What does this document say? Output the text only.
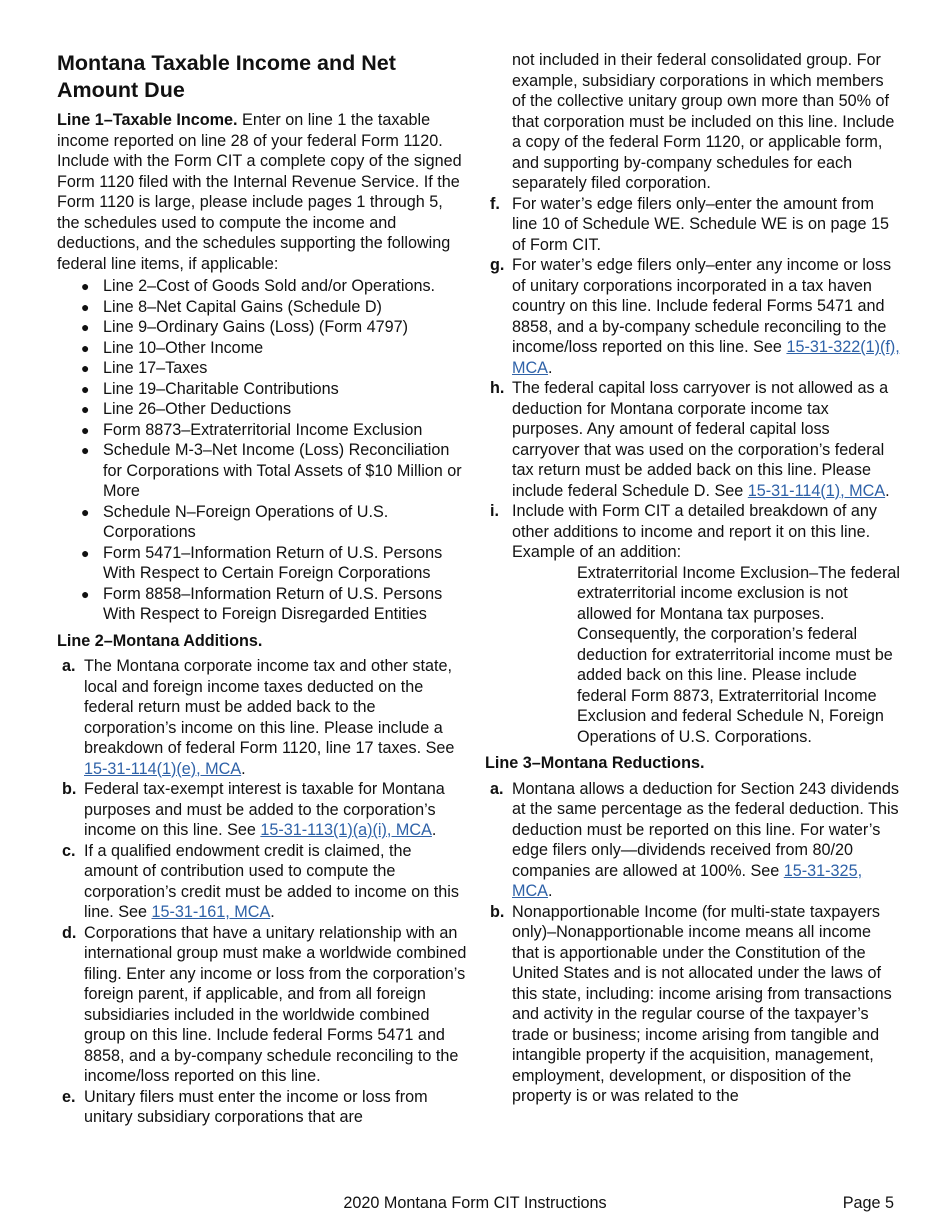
Montana Taxable Income and Net Amount Due

Line 1–Taxable Income. Enter on line 1 the taxable income reported on line 28 of your federal Form 1120. Include with the Form CIT a complete copy of the signed Form 1120 filed with the Internal Revenue Service. If the Form 1120 is large, please include pages 1 through 5, the schedules used to compute the income and deductions, and the schedules supporting the following federal line items, if applicable:

● Line 2–Cost of Goods Sold and/or Operations.
● Line 8–Net Capital Gains (Schedule D)
● Line 9–Ordinary Gains (Loss) (Form 4797)
● Line 10–Other Income
● Line 17–Taxes
● Line 19–Charitable Contributions
● Line 26–Other Deductions
● Form 8873–Extraterritorial Income Exclusion
● Schedule M-3–Net Income (Loss) Reconciliation for Corporations with Total Assets of $10 Million or More
● Schedule N–Foreign Operations of U.S. Corporations
● Form 5471–Information Return of U.S. Persons With Respect to Certain Foreign Corporations
● Form 8858–Information Return of U.S. Persons With Respect to Foreign Disregarded Entities

Line 2–Montana Additions.

a. The Montana corporate income tax and other state, local and foreign income taxes deducted on the federal return must be added back to the corporation’s income on this line. Please include a breakdown of federal Form 1120, line 17 taxes. See 15-31-114(1)(e), MCA.
b. Federal tax-exempt interest is taxable for Montana purposes and must be added to the corporation’s income on this line. See 15-31-113(1)(a)(i), MCA.
c. If a qualified endowment credit is claimed, the amount of contribution used to compute the corporation’s credit must be added to income on this line. See 15-31-161, MCA.
d. Corporations that have a unitary relationship with an international group must make a worldwide combined filing. Enter any income or loss from the corporation’s foreign parent, if applicable, and from all foreign subsidiaries included in the worldwide combined group on this line. Include federal Forms 5471 and 8858, and a by-company schedule reconciling to the income/loss reported on this line.
e. Unitary filers must enter the income or loss from unitary subsidiary corporations that are

not included in their federal consolidated group. For example, subsidiary corporations in which members of the collective unitary group own more than 50% of that corporation must be included on this line. Include a copy of the federal Form 1120, or applicable form, and supporting by-company schedules for each separately filed corporation.

f. For water’s edge filers only–enter the amount from line 10 of Schedule WE. Schedule WE is on page 15 of Form CIT.
g. For water’s edge filers only–enter any income or loss of unitary corporations incorporated in a tax haven country on this line. Include federal Forms 5471 and 8858, and a by-company schedule reconciling to the income/loss reported on this line. See 15-31-322(1)(f), MCA.
h. The federal capital loss carryover is not allowed as a deduction for Montana corporate income tax purposes. Any amount of federal capital loss carryover that was used on the corporation’s federal tax return must be added back on this line. Please include federal Schedule D. See 15-31-114(1), MCA.
i. Include with Form CIT a detailed breakdown of any other additions to income and report it on this line.

Example of an addition:

Extraterritorial Income Exclusion–The federal extraterritorial income exclusion is not allowed for Montana tax purposes. Consequently, the corporation’s federal deduction for extraterritorial income must be added back on this line. Please include federal Form 8873, Extraterritorial Income Exclusion and federal Schedule N, Foreign Operations of U.S. Corporations.

Line 3–Montana Reductions.

a. Montana allows a deduction for Section 243 dividends at the same percentage as the federal deduction. This deduction must be reported on this line. For water’s edge filers only—dividends received from 80/20 companies are allowed at 100%. See 15-31-325, MCA.
b. Nonapportionable Income (for multi-state taxpayers only)–Nonapportionable income means all income that is apportionable under the Constitution of the United States and is not allocated under the laws of this state, including: income arising from transactions and activity in the regular course of the taxpayer’s trade or business; income arising from tangible and intangible property if the acquisition, management, employment, development, or disposition of the property is or was related to the
2020 Montana Form CIT Instructions	Page 5
